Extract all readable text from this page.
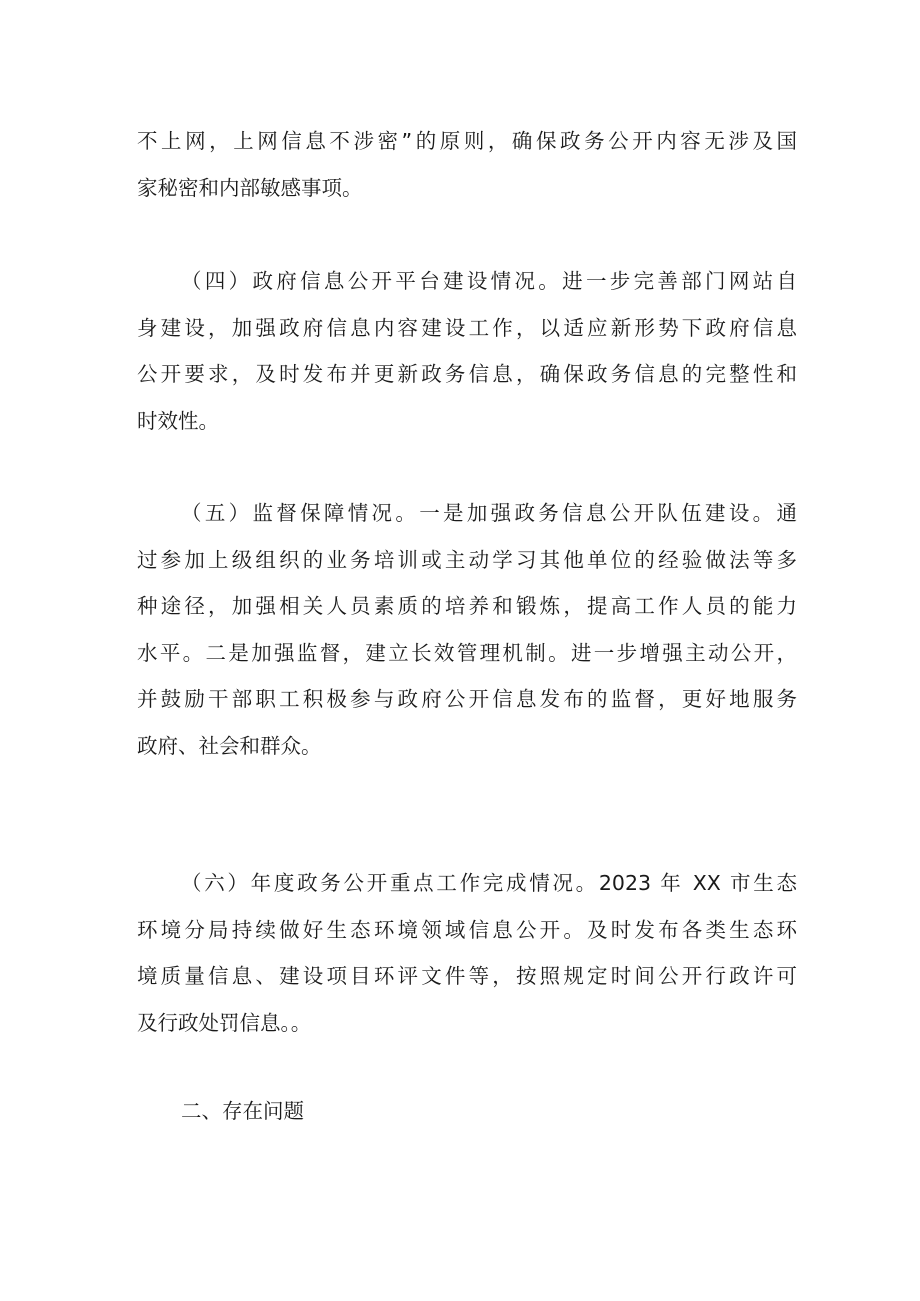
不上网，上网信息不涉密”的原则，确保政务公开内容无涉及国
家秘密和内部敏感事项。

（四）政府信息公开平台建设情况。进一步完善部门网站自
身建设，加强政府信息内容建设工作，以适应新形势下政府信息
公开要求，及时发布并更新政务信息，确保政务信息的完整性和
时效性。

（五）监督保障情况。一是加强政务信息公开队伍建设。通
过参加上级组织的业务培训或主动学习其他单位的经验做法等多
种途径，加强相关人员素质的培养和锻炼，提高工作人员的能力
水平。二是加强监督，建立长效管理机制。进一步增强主动公开，
并鼓励干部职工积极参与政府公开信息发布的监督，更好地服务
政府、社会和群众。

（六）年度政务公开重点工作完成情况。2023 年 XX 市生态
环境分局持续做好生态环境领域信息公开。及时发布各类生态环
境质量信息、建设项目环评文件等，按照规定时间公开行政许可
及行政处罚信息。。

二、存在问题
